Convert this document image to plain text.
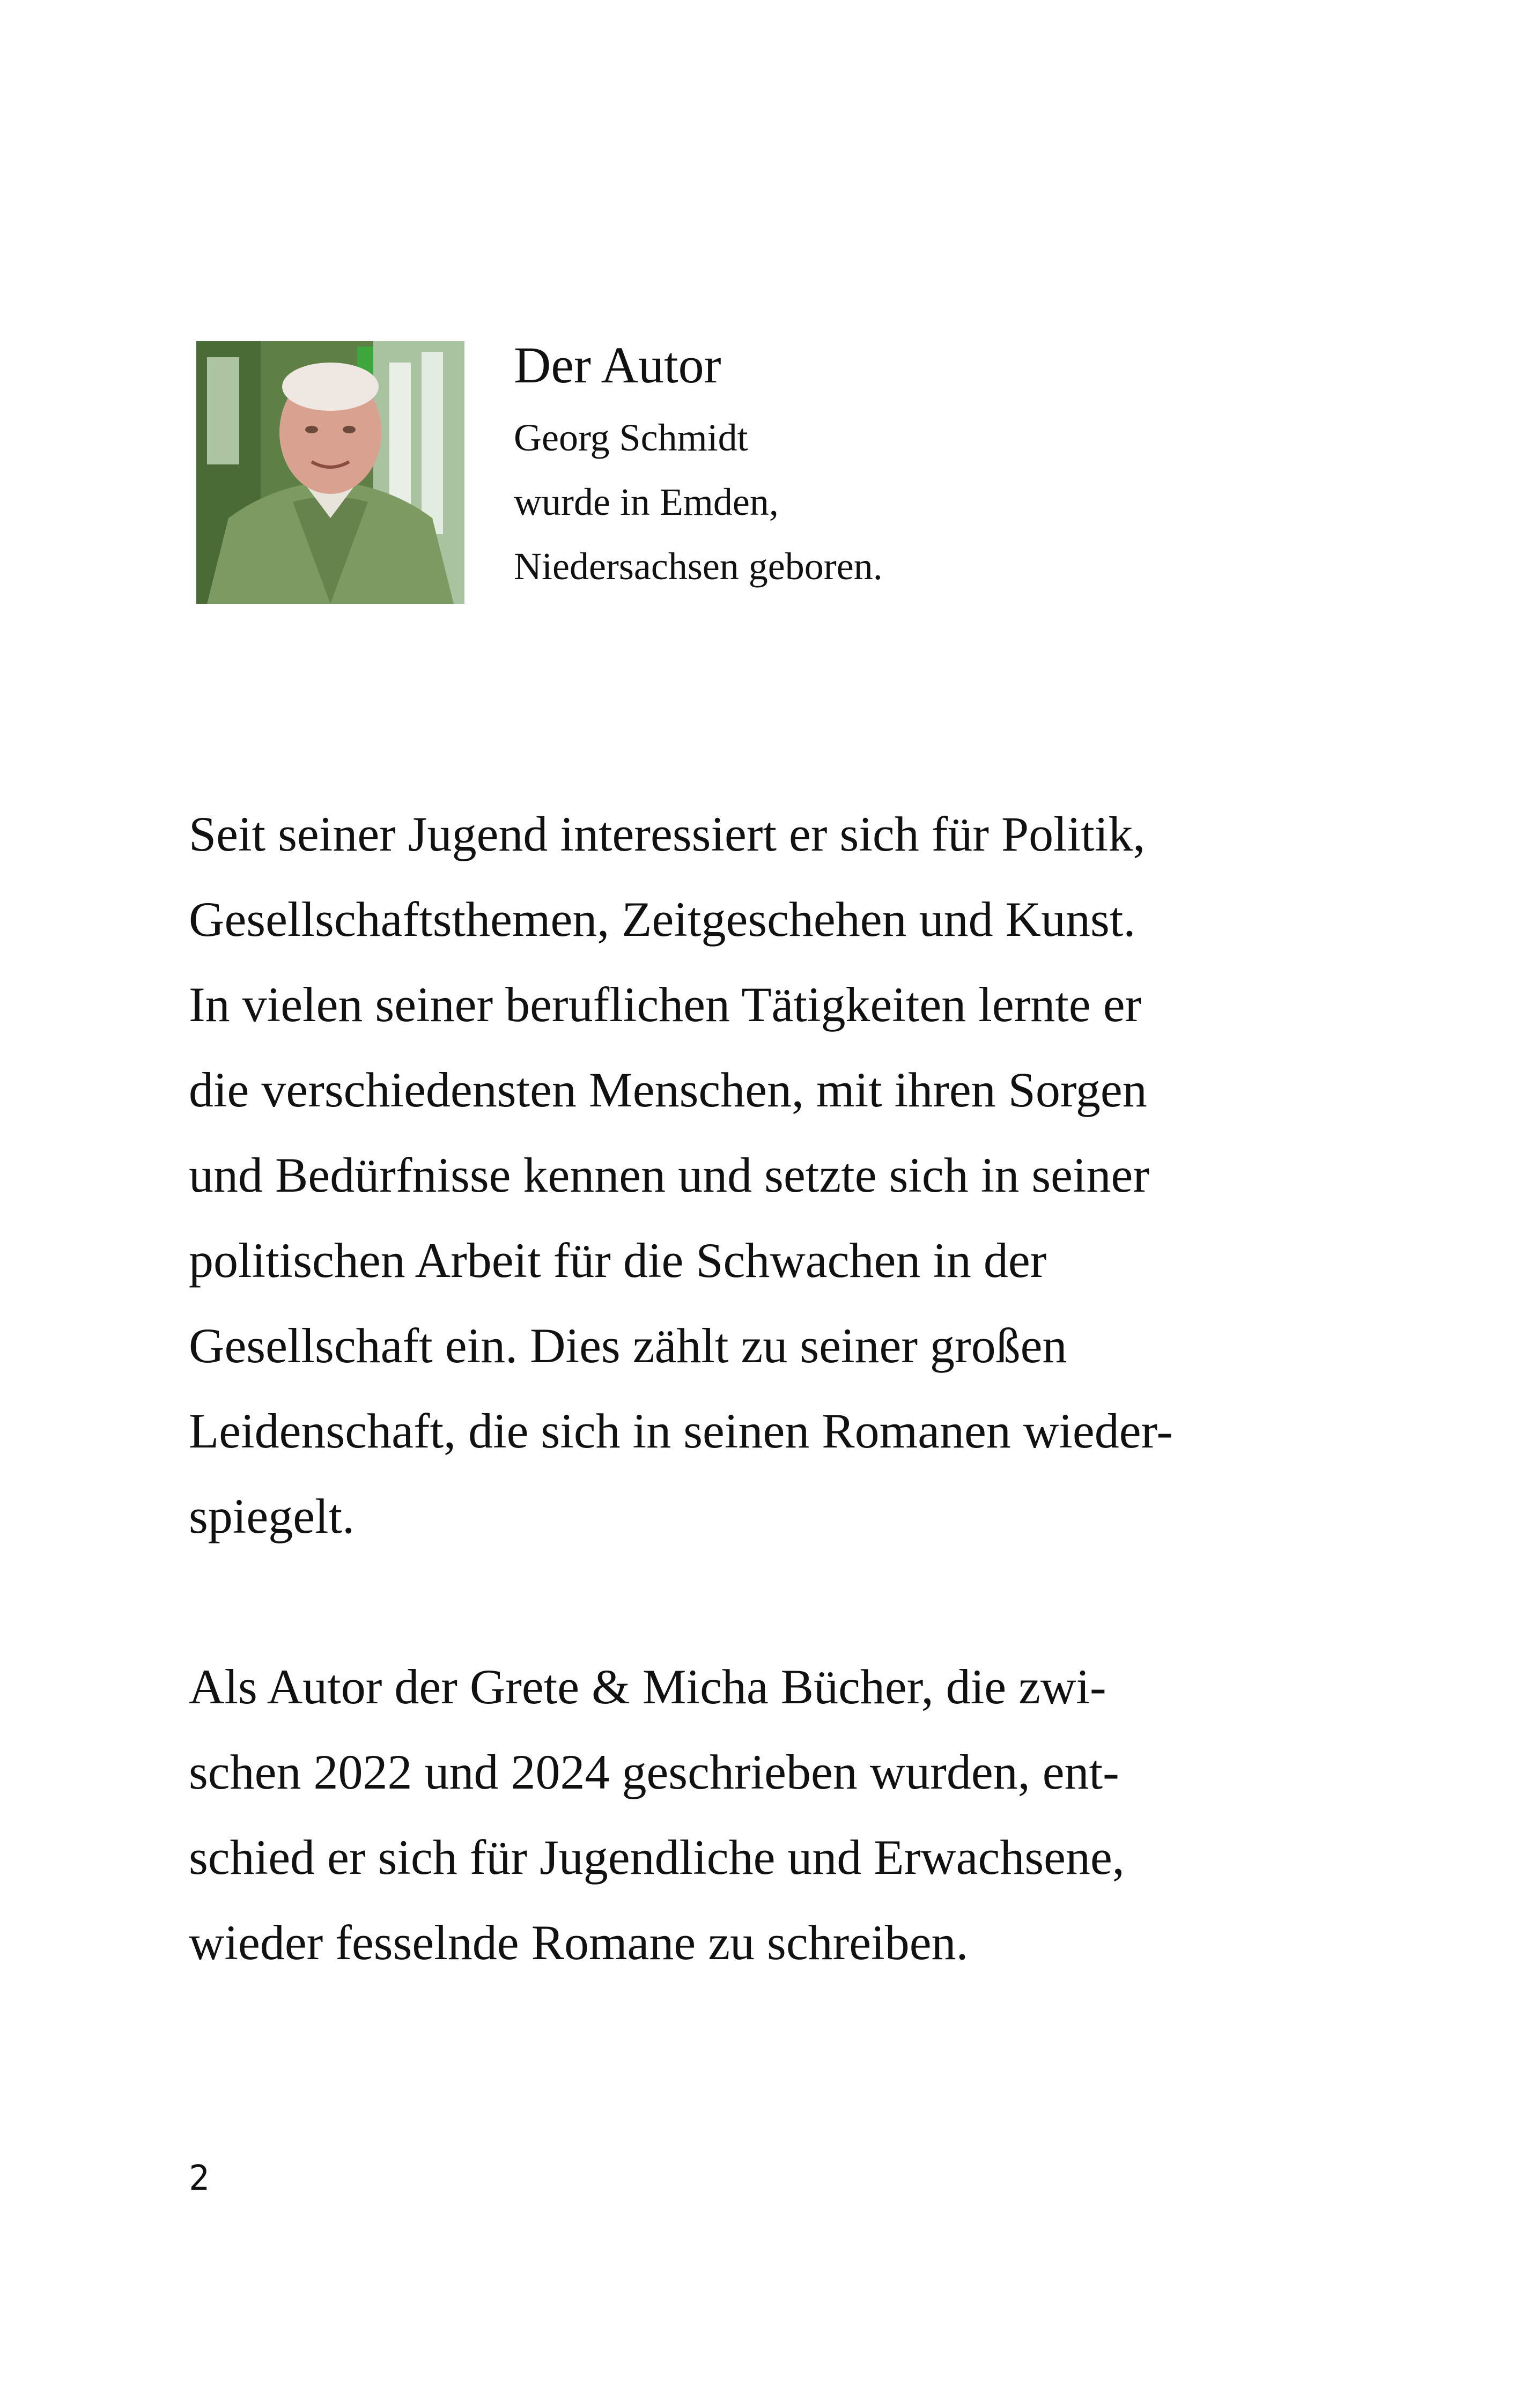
Der Autor

Georg Schmidt

wurde in Emden,

Niedersachsen geboren.

Seit seiner Jugend interessiert er sich für Politik,

Gesellschaftsthemen, Zeitgeschehen und Kunst.

In vielen seiner beruflichen Tätigkeiten lernte er

die verschiedensten Menschen, mit ihren Sorgen

und Bedürfnisse kennen und setzte sich in seiner

politischen Arbeit für die Schwachen in der

Gesellschaft ein. Dies zählt zu seiner großen

Leidenschaft, die sich in seinen Romanen wieder-

spiegelt.

Als Autor der Grete & Micha Bücher, die zwi-

schen 2022 und 2024 geschrieben wurden, ent-

schied er sich für Jugendliche und Erwachsene,

wieder fesselnde Romane zu schreiben.

2
